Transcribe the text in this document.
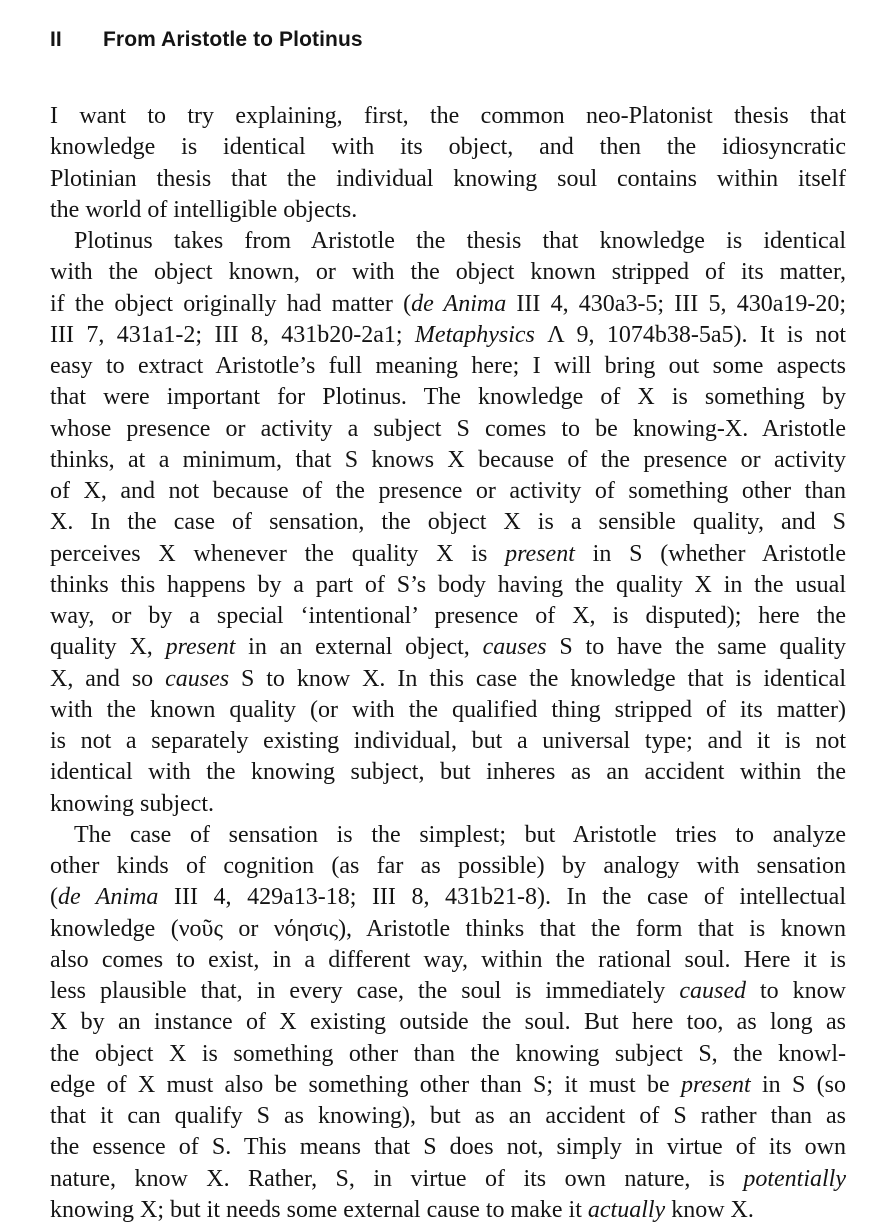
II From Aristotle to Plotinus
I want to try explaining, first, the common neo-Platonist thesis that
knowledge is identical with its object, and then the idiosyncratic
Plotinian thesis that the individual knowing soul contains within itself
the world of intelligible objects.
Plotinus takes from Aristotle the thesis that knowledge is identical
with the object known, or with the object known stripped of its matter,
if the object originally had matter (de Anima III 4, 430a3-5; III 5, 430a19-20;
III 7, 431a1-2; III 8, 431b20-2a1; Metaphysics Λ 9, 1074b38-5a5). It is not
easy to extract Aristotle’s full meaning here; I will bring out some aspects
that were important for Plotinus. The knowledge of X is something by
whose presence or activity a subject S comes to be knowing-X. Aristotle
thinks, at a minimum, that S knows X because of the presence or activity
of X, and not because of the presence or activity of something other than
X. In the case of sensation, the object X is a sensible quality, and S
perceives X whenever the quality X is present in S (whether Aristotle
thinks this happens by a part of S’s body having the quality X in the usual
way, or by a special ‘intentional’ presence of X, is disputed); here the
quality X, present in an external object, causes S to have the same quality
X, and so causes S to know X. In this case the knowledge that is identical
with the known quality (or with the qualified thing stripped of its matter)
is not a separately existing individual, but a universal type; and it is not
identical with the knowing subject, but inheres as an accident within the
knowing subject.
The case of sensation is the simplest; but Aristotle tries to analyze
other kinds of cognition (as far as possible) by analogy with sensation
(de Anima III 4, 429a13-18; III 8, 431b21-8). In the case of intellectual
knowledge (νοῦς or νόησις), Aristotle thinks that the form that is known
also comes to exist, in a different way, within the rational soul. Here it is
less plausible that, in every case, the soul is immediately caused to know
X by an instance of X existing outside the soul. But here too, as long as
the object X is something other than the knowing subject S, the knowl-
edge of X must also be something other than S; it must be present in S (so
that it can qualify S as knowing), but as an accident of S rather than as
the essence of S. This means that S does not, simply in virtue of its own
nature, know X. Rather, S, in virtue of its own nature, is potentially
knowing X; but it needs some external cause to make it actually know X.
